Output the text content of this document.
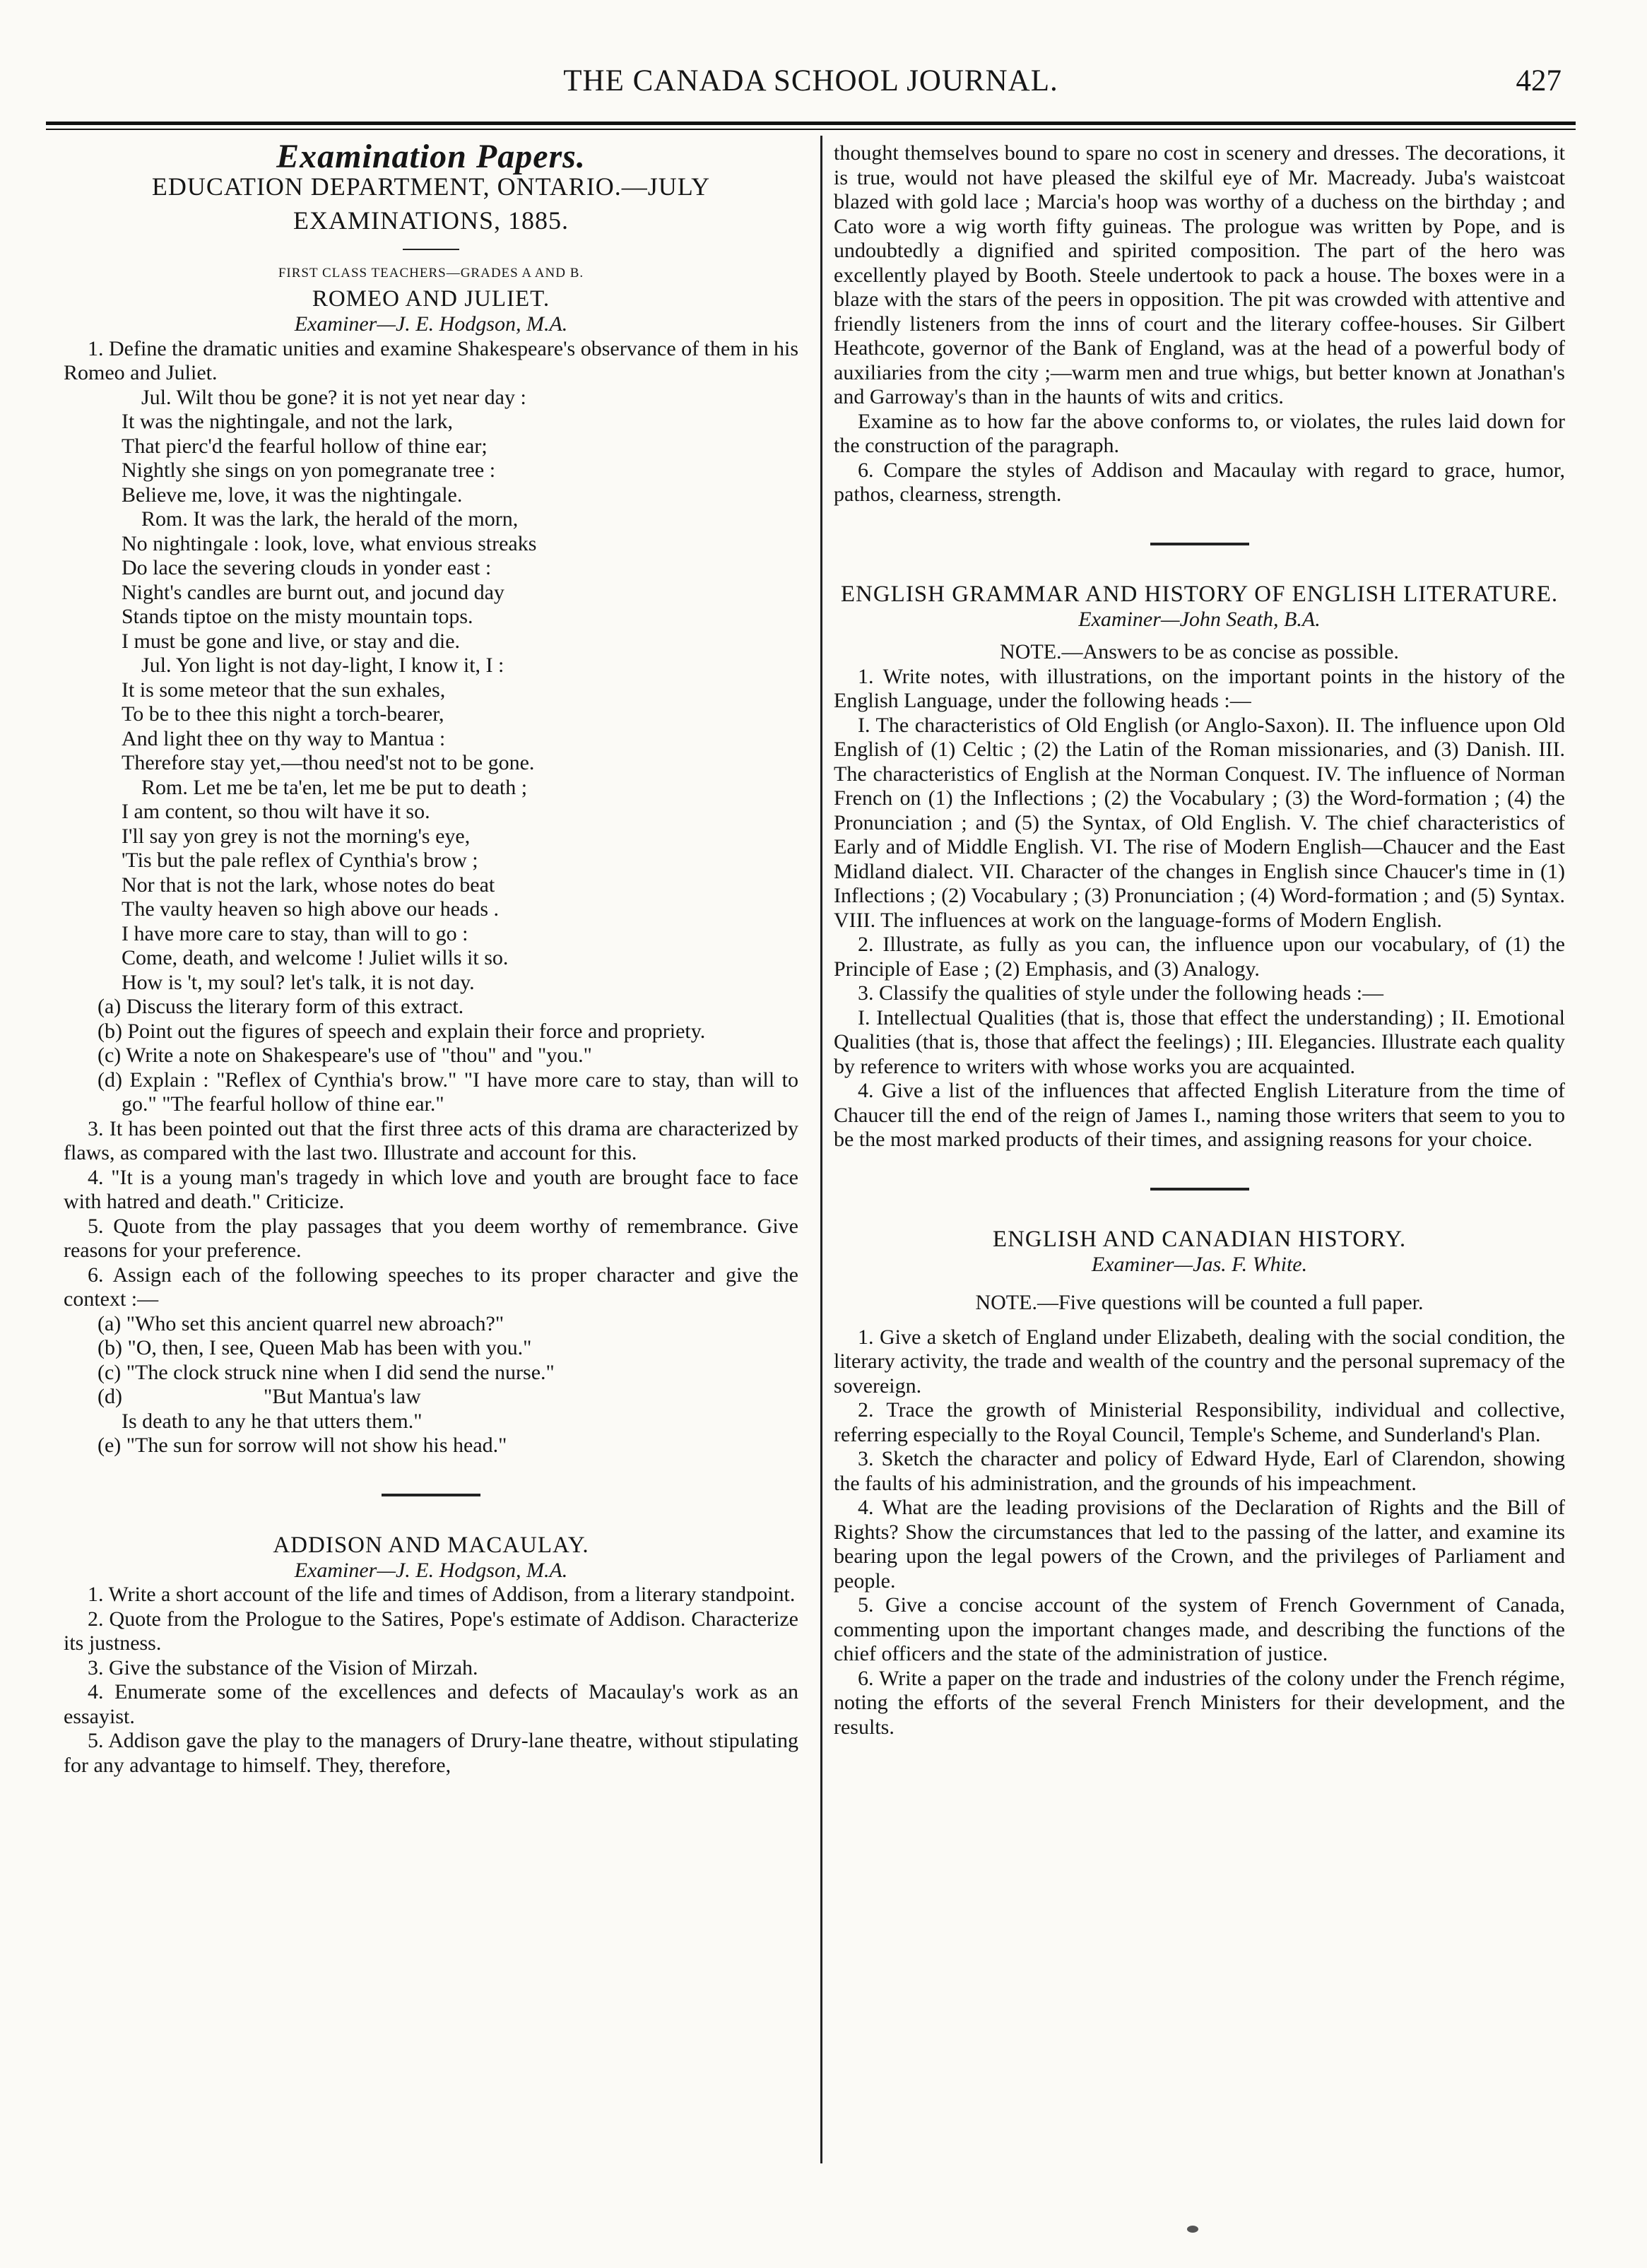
THE CANADA SCHOOL JOURNAL.	427

Examination Papers.

EDUCATION DEPARTMENT, ONTARIO.—JULY EXAMINATIONS, 1885.

FIRST CLASS TEACHERS—GRADES A AND B.

ROMEO AND JULIET.

Examiner—J. E. Hodgson, M.A.

1. Define the dramatic unities and examine Shakespeare's observance of them in his Romeo and Juliet.

Jul. Wilt thou be gone? it is not yet near day :
It was the nightingale, and not the lark,
That pierc'd the fearful hollow of thine ear;
Nightly she sings on yon pomegranate tree :
Believe me, love, it was the nightingale.
Rom. It was the lark, the herald of the morn,
No nightingale : look, love, what envious streaks
Do lace the severing clouds in yonder east :
Night's candles are burnt out, and jocund day
Stands tiptoe on the misty mountain tops.
I must be gone and live, or stay and die.
Jul. Yon light is not day-light, I know it, I :
It is some meteor that the sun exhales,
To be to thee this night a torch-bearer,
And light thee on thy way to Mantua :
Therefore stay yet,—thou need'st not to be gone.
Rom. Let me be ta'en, let me be put to death ;
I am content, so thou wilt have it so.
I'll say yon grey is not the morning's eye,
'Tis but the pale reflex of Cynthia's brow ;
Nor that is not the lark, whose notes do beat
The vaulty heaven so high above our heads .
I have more care to stay, than will to go :
Come, death, and welcome ! Juliet wills it so.
How is 't, my soul? let's talk, it is not day.

(a) Discuss the literary form of this extract.

(b) Point out the figures of speech and explain their force and propriety.

(c) Write a note on Shakespeare's use of "thou" and "you."

(d) Explain : "Reflex of Cynthia's brow." "I have more care to stay, than will to go." "The fearful hollow of thine ear."

3. It has been pointed out that the first three acts of this drama are characterized by flaws, as compared with the last two. Illustrate and account for this.

4. "It is a young man's tragedy in which love and youth are brought face to face with hatred and death." Criticize.

5. Quote from the play passages that you deem worthy of remembrance. Give reasons for your preference.

6. Assign each of the following speeches to its proper character and give the context :—

(a) "Who set this ancient quarrel new abroach?"

(b) "O, then, I see, Queen Mab has been with you."

(c) "The clock struck nine when I did send the nurse."

(d)	"But Mantua's law

Is death to any he that utters them."

(e) "The sun for sorrow will not show his head."

ADDISON AND MACAULAY.

Examiner—J. E. Hodgson, M.A.

1. Write a short account of the life and times of Addison, from a literary standpoint.

2. Quote from the Prologue to the Satires, Pope's estimate of Addison. Characterize its justness.

3. Give the substance of the Vision of Mirzah.

4. Enumerate some of the excellences and defects of Macaulay's work as an essayist.

5. Addison gave the play to the managers of Drury-lane theatre, without stipulating for any advantage to himself. They, therefore,

thought themselves bound to spare no cost in scenery and dresses. The decorations, it is true, would not have pleased the skilful eye of Mr. Macready. Juba's waistcoat blazed with gold lace ; Marcia's hoop was worthy of a duchess on the birthday ; and Cato wore a wig worth fifty guineas. The prologue was written by Pope, and is undoubtedly a dignified and spirited composition. The part of the hero was excellently played by Booth. Steele undertook to pack a house. The boxes were in a blaze with the stars of the peers in opposition. The pit was crowded with attentive and friendly listeners from the inns of court and the literary coffee-houses. Sir Gilbert Heathcote, governor of the Bank of England, was at the head of a powerful body of auxiliaries from the city ;—warm men and true whigs, but better known at Jonathan's and Garroway's than in the haunts of wits and critics.

Examine as to how far the above conforms to, or violates, the rules laid down for the construction of the paragraph.

6. Compare the styles of Addison and Macaulay with regard to grace, humor, pathos, clearness, strength.

ENGLISH GRAMMAR AND HISTORY OF ENGLISH LITERATURE.

Examiner—John Seath, B.A.

NOTE.—Answers to be as concise as possible.

1. Write notes, with illustrations, on the important points in the history of the English Language, under the following heads :—

I. The characteristics of Old English (or Anglo-Saxon). II. The influence upon Old English of (1) Celtic ; (2) the Latin of the Roman missionaries, and (3) Danish. III. The characteristics of English at the Norman Conquest. IV. The influence of Norman French on (1) the Inflections ; (2) the Vocabulary ; (3) the Word-formation ; (4) the Pronunciation ; and (5) the Syntax, of Old English. V. The chief characteristics of Early and of Middle English. VI. The rise of Modern English—Chaucer and the East Midland dialect. VII. Character of the changes in English since Chaucer's time in (1) Inflections ; (2) Vocabulary ; (3) Pronunciation ; (4) Word-formation ; and (5) Syntax. VIII. The influences at work on the language-forms of Modern English.

2. Illustrate, as fully as you can, the influence upon our vocabulary, of (1) the Principle of Ease ; (2) Emphasis, and (3) Analogy.

3. Classify the qualities of style under the following heads :—

I. Intellectual Qualities (that is, those that effect the understanding) ; II. Emotional Qualities (that is, those that affect the feelings) ; III. Elegancies. Illustrate each quality by reference to writers with whose works you are acquainted.

4. Give a list of the influences that affected English Literature from the time of Chaucer till the end of the reign of James I., naming those writers that seem to you to be the most marked products of their times, and assigning reasons for your choice.

ENGLISH AND CANADIAN HISTORY.

Examiner—Jas. F. White.

NOTE.—Five questions will be counted a full paper.

1. Give a sketch of England under Elizabeth, dealing with the social condition, the literary activity, the trade and wealth of the country and the personal supremacy of the sovereign.

2. Trace the growth of Ministerial Responsibility, individual and collective, referring especially to the Royal Council, Temple's Scheme, and Sunderland's Plan.

3. Sketch the character and policy of Edward Hyde, Earl of Clarendon, showing the faults of his administration, and the grounds of his impeachment.

4. What are the leading provisions of the Declaration of Rights and the Bill of Rights? Show the circumstances that led to the passing of the latter, and examine its bearing upon the legal powers of the Crown, and the privileges of Parliament and people.

5. Give a concise account of the system of French Government of Canada, commenting upon the important changes made, and describing the functions of the chief officers and the state of the administration of justice.

6. Write a paper on the trade and industries of the colony under the French régime, noting the efforts of the several French Ministers for their development, and the results.
